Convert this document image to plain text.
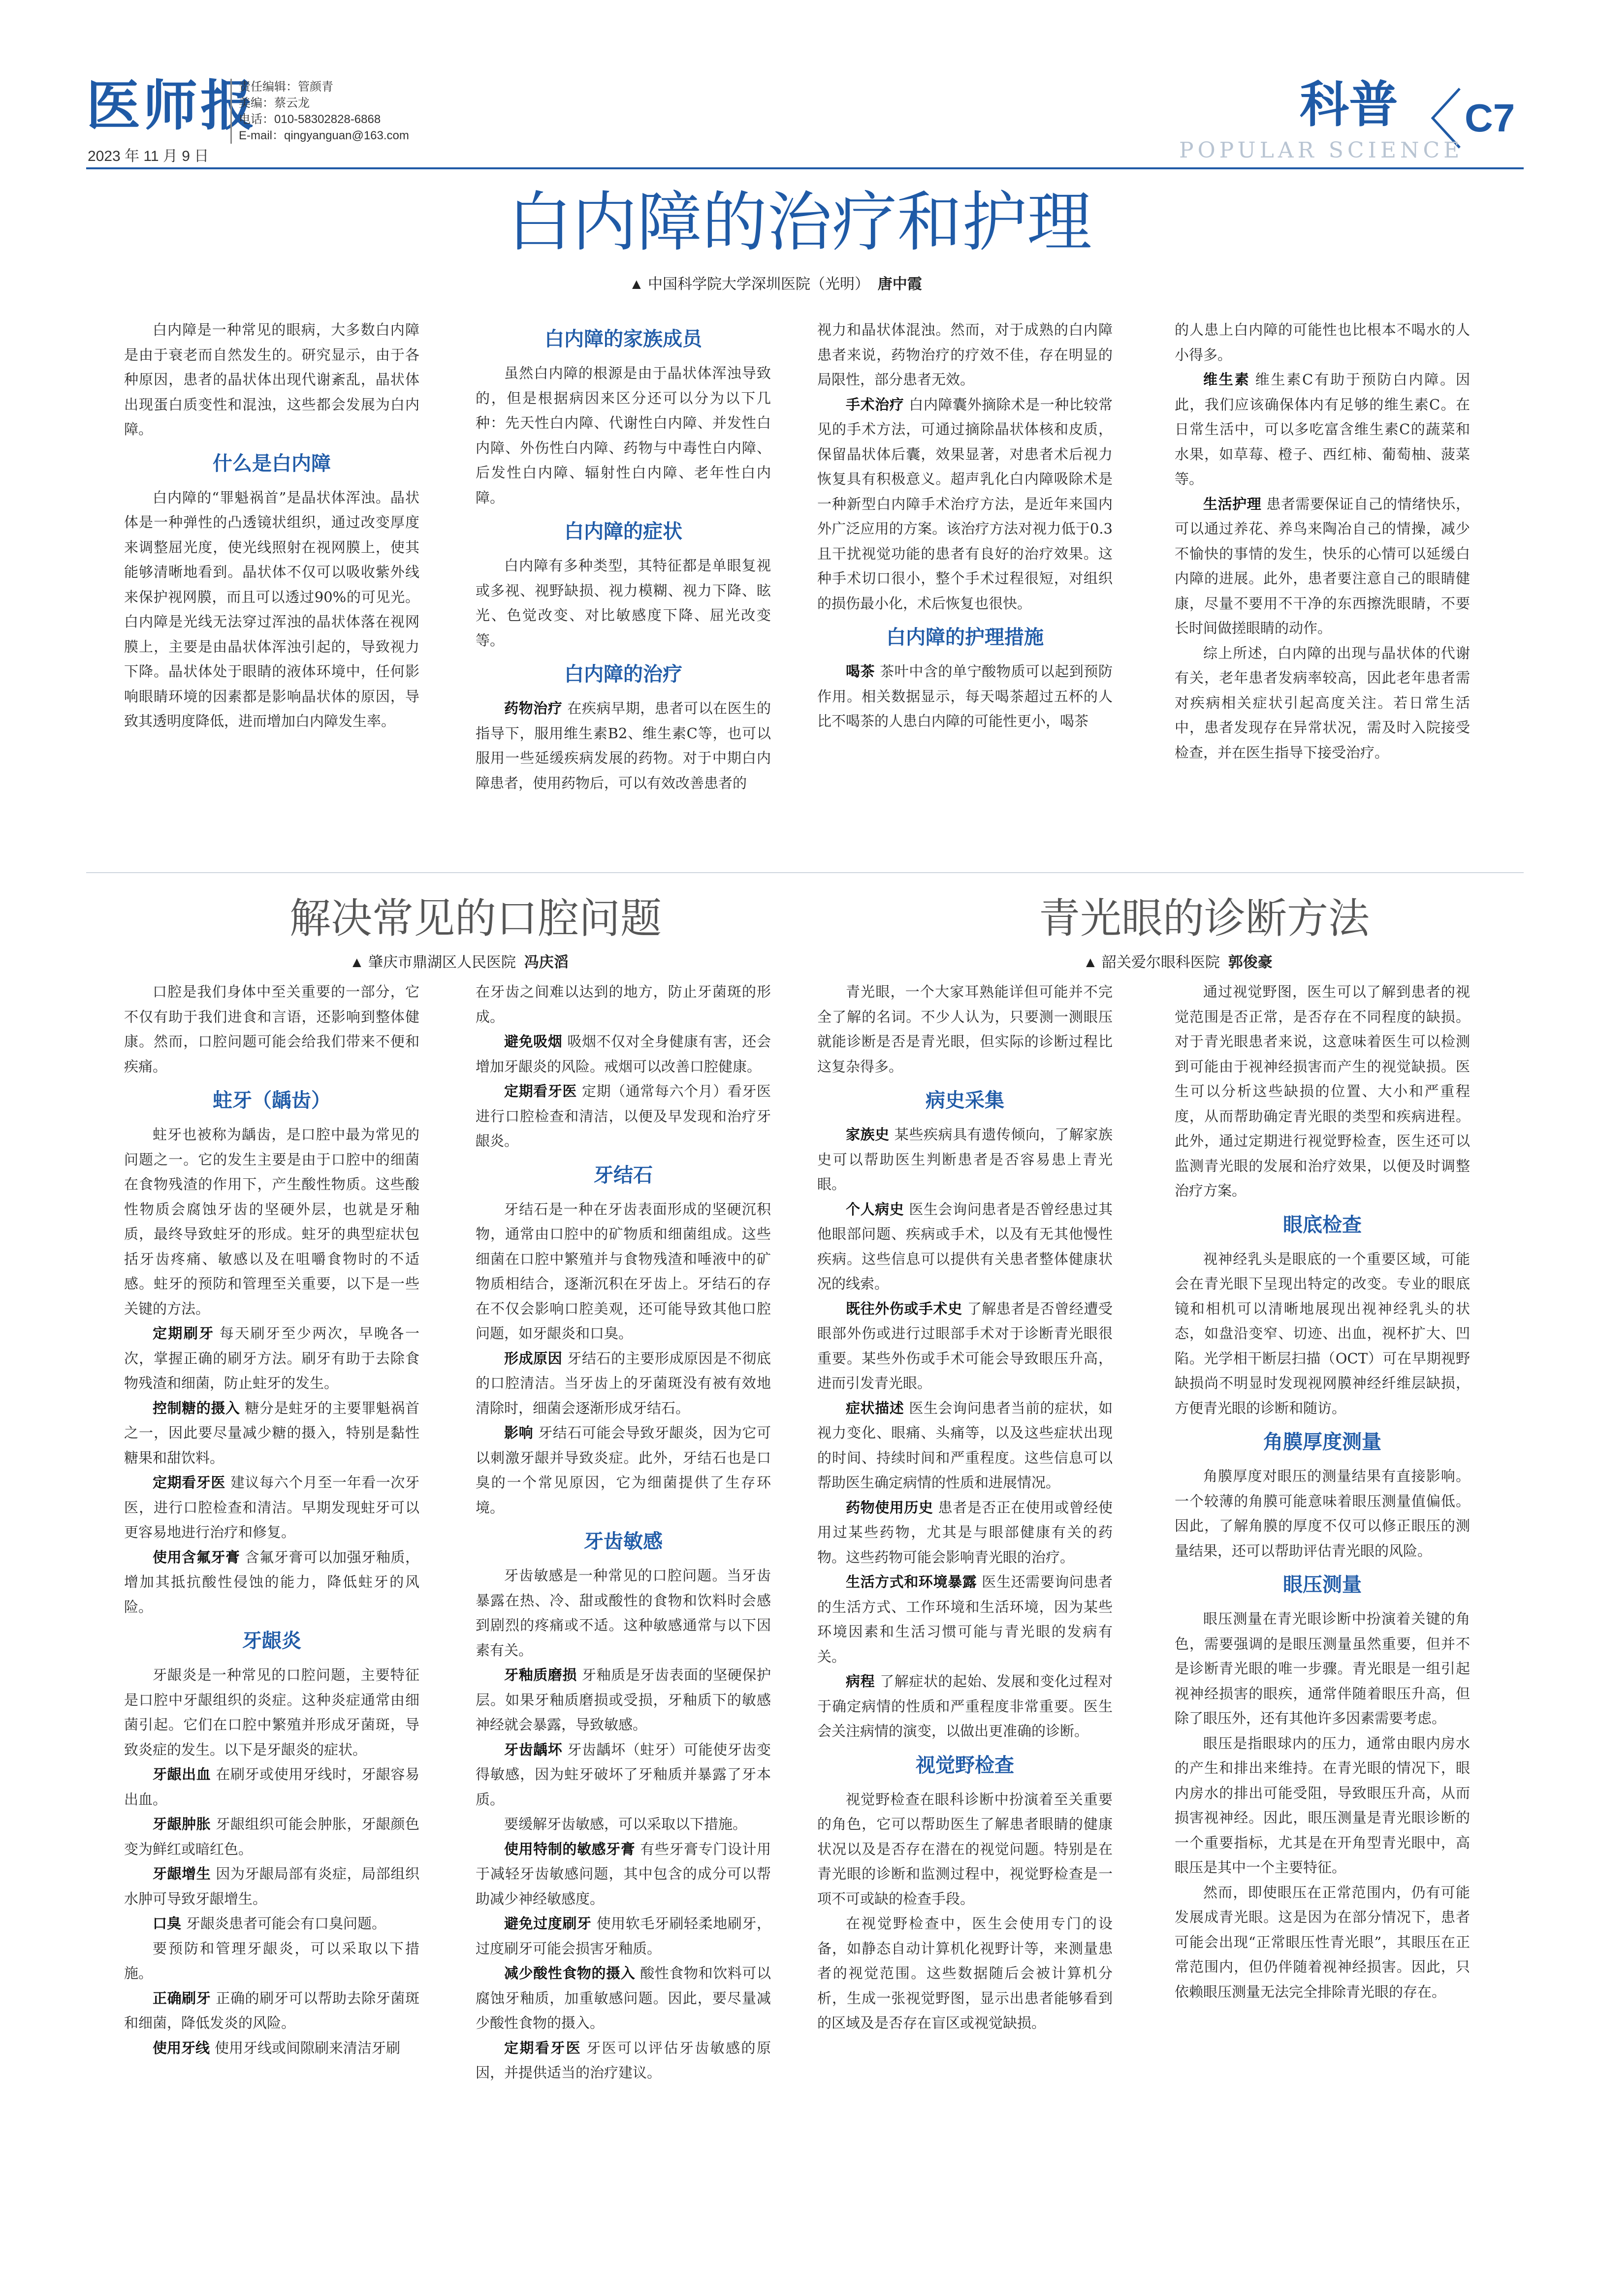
医师报
2023 年 11 月 9 日
责任编辑：管颜青
美编：蔡云龙
电话：010-58302828-6868
E-mail：qingyanguan@163.com
科普 C7
POPULAR SCIENCE
白内障的治疗和护理
▲ 中国科学院大学深圳医院（光明） 唐中霞

白内障是一种常见的眼病，大多数白内障是由于衰老而自然发生的。研究显示，由于各种原因，患者的晶状体出现代谢紊乱，晶状体出现蛋白质变性和混浊，这些都会发展为白内障。

什么是白内障

白内障的“罪魁祸首”是晶状体浑浊。晶状体是一种弹性的凸透镜状组织，通过改变厚度来调整屈光度，使光线照射在视网膜上，使其能够清晰地看到。晶状体不仅可以吸收紫外线来保护视网膜，而且可以透过90%的可见光。白内障是光线无法穿过浑浊的晶状体落在视网膜上，主要是由晶状体浑浊引起的，导致视力下降。晶状体处于眼睛的液体环境中，任何影响眼睛环境的因素都是影响晶状体的原因，导致其透明度降低，进而增加白内障发生率。

白内障的家族成员

虽然白内障的根源是由于晶状体浑浊导致的，但是根据病因来区分还可以分为以下几种：先天性白内障、代谢性白内障、并发性白内障、外伤性白内障、药物与中毒性白内障、后发性白内障、辐射性白内障、老年性白内障。

白内障的症状

白内障有多种类型，其特征都是单眼复视或多视、视野缺损、视力模糊、视力下降、眩光、色觉改变、对比敏感度下降、屈光改变等。

白内障的治疗

药物治疗 在疾病早期，患者可以在医生的指导下，服用维生素B2、维生素C等，也可以服用一些延缓疾病发展的药物。对于中期白内障患者，使用药物后，可以有效改善患者的

视力和晶状体混浊。然而，对于成熟的白内障患者来说，药物治疗的疗效不佳，存在明显的局限性，部分患者无效。

手术治疗 白内障囊外摘除术是一种比较常见的手术方法，可通过摘除晶状体核和皮质，保留晶状体后囊，效果显著，对患者术后视力恢复具有积极意义。超声乳化白内障吸除术是一种新型白内障手术治疗方法，是近年来国内外广泛应用的方案。该治疗方法对视力低于0.3且干扰视觉功能的患者有良好的治疗效果。这种手术切口很小，整个手术过程很短，对组织的损伤最小化，术后恢复也很快。

白内障的护理措施

喝茶 茶叶中含的单宁酸物质可以起到预防作用。相关数据显示，每天喝茶超过五杯的人比不喝茶的人患白内障的可能性更小，喝茶

的人患上白内障的可能性也比根本不喝水的人小得多。

维生素 维生素C有助于预防白内障。因此，我们应该确保体内有足够的维生素C。在日常生活中，可以多吃富含维生素C的蔬菜和水果，如草莓、橙子、西红柿、葡萄柚、菠菜等。

生活护理 患者需要保证自己的情绪快乐，可以通过养花、养鸟来陶冶自己的情操，减少不愉快的事情的发生，快乐的心情可以延缓白内障的进展。此外，患者要注意自己的眼睛健康，尽量不要用不干净的东西擦洗眼睛，不要长时间做搓眼睛的动作。

综上所述，白内障的出现与晶状体的代谢有关，老年患者发病率较高，因此老年患者需对疾病相关症状引起高度关注。若日常生活中，患者发现存在异常状况，需及时入院接受检查，并在医生指导下接受治疗。

解决常见的口腔问题
▲ 肇庆市鼎湖区人民医院 冯庆滔

口腔是我们身体中至关重要的一部分，它不仅有助于我们进食和言语，还影响到整体健康。然而，口腔问题可能会给我们带来不便和疾痛。

蛀牙（龋齿）

蛀牙也被称为龋齿，是口腔中最为常见的问题之一。它的发生主要是由于口腔中的细菌在食物残渣的作用下，产生酸性物质。这些酸性物质会腐蚀牙齿的坚硬外层，也就是牙釉质，最终导致蛀牙的形成。蛀牙的典型症状包括牙齿疼痛、敏感以及在咀嚼食物时的不适感。蛀牙的预防和管理至关重要，以下是一些关键的方法。

定期刷牙 每天刷牙至少两次，早晚各一次，掌握正确的刷牙方法。刷牙有助于去除食物残渣和细菌，防止蛀牙的发生。

控制糖的摄入 糖分是蛀牙的主要罪魁祸首之一，因此要尽量减少糖的摄入，特别是黏性糖果和甜饮料。

定期看牙医 建议每六个月至一年看一次牙医，进行口腔检查和清洁。早期发现蛀牙可以更容易地进行治疗和修复。

使用含氟牙膏 含氟牙膏可以加强牙釉质，增加其抵抗酸性侵蚀的能力，降低蛀牙的风险。

牙龈炎

牙龈炎是一种常见的口腔问题，主要特征是口腔中牙龈组织的炎症。这种炎症通常由细菌引起。它们在口腔中繁殖并形成牙菌斑，导致炎症的发生。以下是牙龈炎的症状。

牙龈出血 在刷牙或使用牙线时，牙龈容易出血。

牙龈肿胀 牙龈组织可能会肿胀，牙龈颜色变为鲜红或暗红色。

牙龈增生 因为牙龈局部有炎症，局部组织水肿可导致牙龈增生。

口臭 牙龈炎患者可能会有口臭问题。

要预防和管理牙龈炎，可以采取以下措施。

正确刷牙 正确的刷牙可以帮助去除牙菌斑和细菌，降低发炎的风险。

使用牙线 使用牙线或间隙刷来清洁牙刷

在牙齿之间难以达到的地方，防止牙菌斑的形成。

避免吸烟 吸烟不仅对全身健康有害，还会增加牙龈炎的风险。戒烟可以改善口腔健康。

定期看牙医 定期（通常每六个月）看牙医进行口腔检查和清洁，以便及早发现和治疗牙龈炎。

牙结石

牙结石是一种在牙齿表面形成的坚硬沉积物，通常由口腔中的矿物质和细菌组成。这些细菌在口腔中繁殖并与食物残渣和唾液中的矿物质相结合，逐渐沉积在牙齿上。牙结石的存在不仅会影响口腔美观，还可能导致其他口腔问题，如牙龈炎和口臭。

形成原因 牙结石的主要形成原因是不彻底的口腔清洁。当牙齿上的牙菌斑没有被有效地清除时，细菌会逐渐形成牙结石。

影响 牙结石可能会导致牙龈炎，因为它可以刺激牙龈并导致炎症。此外，牙结石也是口臭的一个常见原因，它为细菌提供了生存环境。

牙齿敏感

牙齿敏感是一种常见的口腔问题。当牙齿暴露在热、冷、甜或酸性的食物和饮料时会感到剧烈的疼痛或不适。这种敏感通常与以下因素有关。

牙釉质磨损 牙釉质是牙齿表面的坚硬保护层。如果牙釉质磨损或受损，牙釉质下的敏感神经就会暴露，导致敏感。

牙齿龋坏 牙齿龋坏（蛀牙）可能使牙齿变得敏感，因为蛀牙破坏了牙釉质并暴露了牙本质。

要缓解牙齿敏感，可以采取以下措施。

使用特制的敏感牙膏 有些牙膏专门设计用于减轻牙齿敏感问题，其中包含的成分可以帮助减少神经敏感度。

避免过度刷牙 使用软毛牙刷轻柔地刷牙，过度刷牙可能会损害牙釉质。

减少酸性食物的摄入 酸性食物和饮料可以腐蚀牙釉质，加重敏感问题。因此，要尽量减少酸性食物的摄入。

定期看牙医 牙医可以评估牙齿敏感的原因，并提供适当的治疗建议。

青光眼的诊断方法
▲ 韶关爱尔眼科医院 郭俊豪

青光眼，一个大家耳熟能详但可能并不完全了解的名词。不少人认为，只要测一测眼压就能诊断是否是青光眼，但实际的诊断过程比这复杂得多。

病史采集

家族史 某些疾病具有遗传倾向，了解家族史可以帮助医生判断患者是否容易患上青光眼。

个人病史 医生会询问患者是否曾经患过其他眼部问题、疾病或手术，以及有无其他慢性疾病。这些信息可以提供有关患者整体健康状况的线索。

既往外伤或手术史 了解患者是否曾经遭受眼部外伤或进行过眼部手术对于诊断青光眼很重要。某些外伤或手术可能会导致眼压升高，进而引发青光眼。

症状描述 医生会询问患者当前的症状，如视力变化、眼痛、头痛等，以及这些症状出现的时间、持续时间和严重程度。这些信息可以帮助医生确定病情的性质和进展情况。

药物使用历史 患者是否正在使用或曾经使用过某些药物，尤其是与眼部健康有关的药物。这些药物可能会影响青光眼的治疗。

生活方式和环境暴露 医生还需要询问患者的生活方式、工作环境和生活环境，因为某些环境因素和生活习惯可能与青光眼的发病有关。

病程 了解症状的起始、发展和变化过程对于确定病情的性质和严重程度非常重要。医生会关注病情的演变，以做出更准确的诊断。

视觉野检查

视觉野检查在眼科诊断中扮演着至关重要的角色，它可以帮助医生了解患者眼睛的健康状况以及是否存在潜在的视觉问题。特别是在青光眼的诊断和监测过程中，视觉野检查是一项不可或缺的检查手段。

在视觉野检查中，医生会使用专门的设备，如静态自动计算机化视野计等，来测量患者的视觉范围。这些数据随后会被计算机分析，生成一张视觉野图，显示出患者能够看到的区域及是否存在盲区或视觉缺损。

通过视觉野图，医生可以了解到患者的视觉范围是否正常，是否存在不同程度的缺损。对于青光眼患者来说，这意味着医生可以检测到可能由于视神经损害而产生的视觉缺损。医生可以分析这些缺损的位置、大小和严重程度，从而帮助确定青光眼的类型和疾病进程。此外，通过定期进行视觉野检查，医生还可以监测青光眼的发展和治疗效果，以便及时调整治疗方案。

眼底检查

视神经乳头是眼底的一个重要区域，可能会在青光眼下呈现出特定的改变。专业的眼底镜和相机可以清晰地展现出视神经乳头的状态，如盘沿变窄、切迹、出血，视杯扩大、凹陷。光学相干断层扫描（OCT）可在早期视野缺损尚不明显时发现视网膜神经纤维层缺损，方便青光眼的诊断和随访。

角膜厚度测量

角膜厚度对眼压的测量结果有直接影响。一个较薄的角膜可能意味着眼压测量值偏低。因此，了解角膜的厚度不仅可以修正眼压的测量结果，还可以帮助评估青光眼的风险。

眼压测量

眼压测量在青光眼诊断中扮演着关键的角色，需要强调的是眼压测量虽然重要，但并不是诊断青光眼的唯一步骤。青光眼是一组引起视神经损害的眼疾，通常伴随着眼压升高，但除了眼压外，还有其他许多因素需要考虑。

眼压是指眼球内的压力，通常由眼内房水的产生和排出来维持。在青光眼的情况下，眼内房水的排出可能受阻，导致眼压升高，从而损害视神经。因此，眼压测量是青光眼诊断的一个重要指标，尤其是在开角型青光眼中，高眼压是其中一个主要特征。

然而，即使眼压在正常范围内，仍有可能发展成青光眼。这是因为在部分情况下，患者可能会出现“正常眼压性青光眼”，其眼压在正常范围内，但仍伴随着视神经损害。因此，只依赖眼压测量无法完全排除青光眼的存在。
